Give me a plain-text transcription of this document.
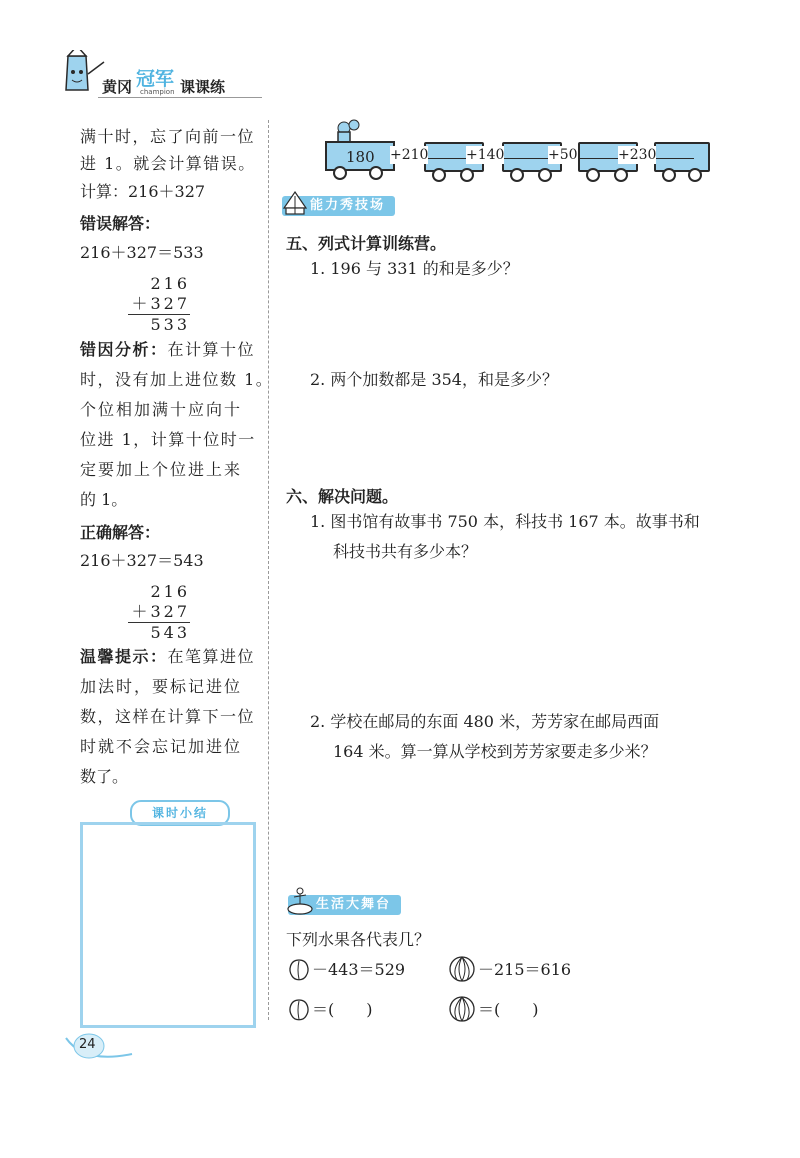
黄冈 冠军
champion 课课练
满十时，忘了向前一位
进 1。就会计算错误。
计算：216＋327
错误解答：
216＋327＝533
216
＋327
533
错因分析：在计算十位
时，没有加上进位数 1。
个位相加满十应向十
位进 1，计算十位时一
定要加上个位进上来
的 1。
正确解答：
216＋327＝543
216
＋327
543
温馨提示：在笔算进位
加法时，要标记进位
数，这样在计算下一位
时就不会忘记加进位
数了。
课时小结
24
180 +210	+140	+50	+230
能力秀技场
五、列式计算训练营。
1. 196 与 331 的和是多少？
2. 两个加数都是 354，和是多少？
六、解决问题。
1. 图书馆有故事书 750 本，科技书 167 本。故事书和
科技书共有多少本？
2. 学校在邮局的东面 480 米，芳芳家在邮局西面
164 米。算一算从学校到芳芳家要走多少米？
生活大舞台
下列水果各代表几？
－443＝529	－215＝616
＝(　　)	＝(　　)
